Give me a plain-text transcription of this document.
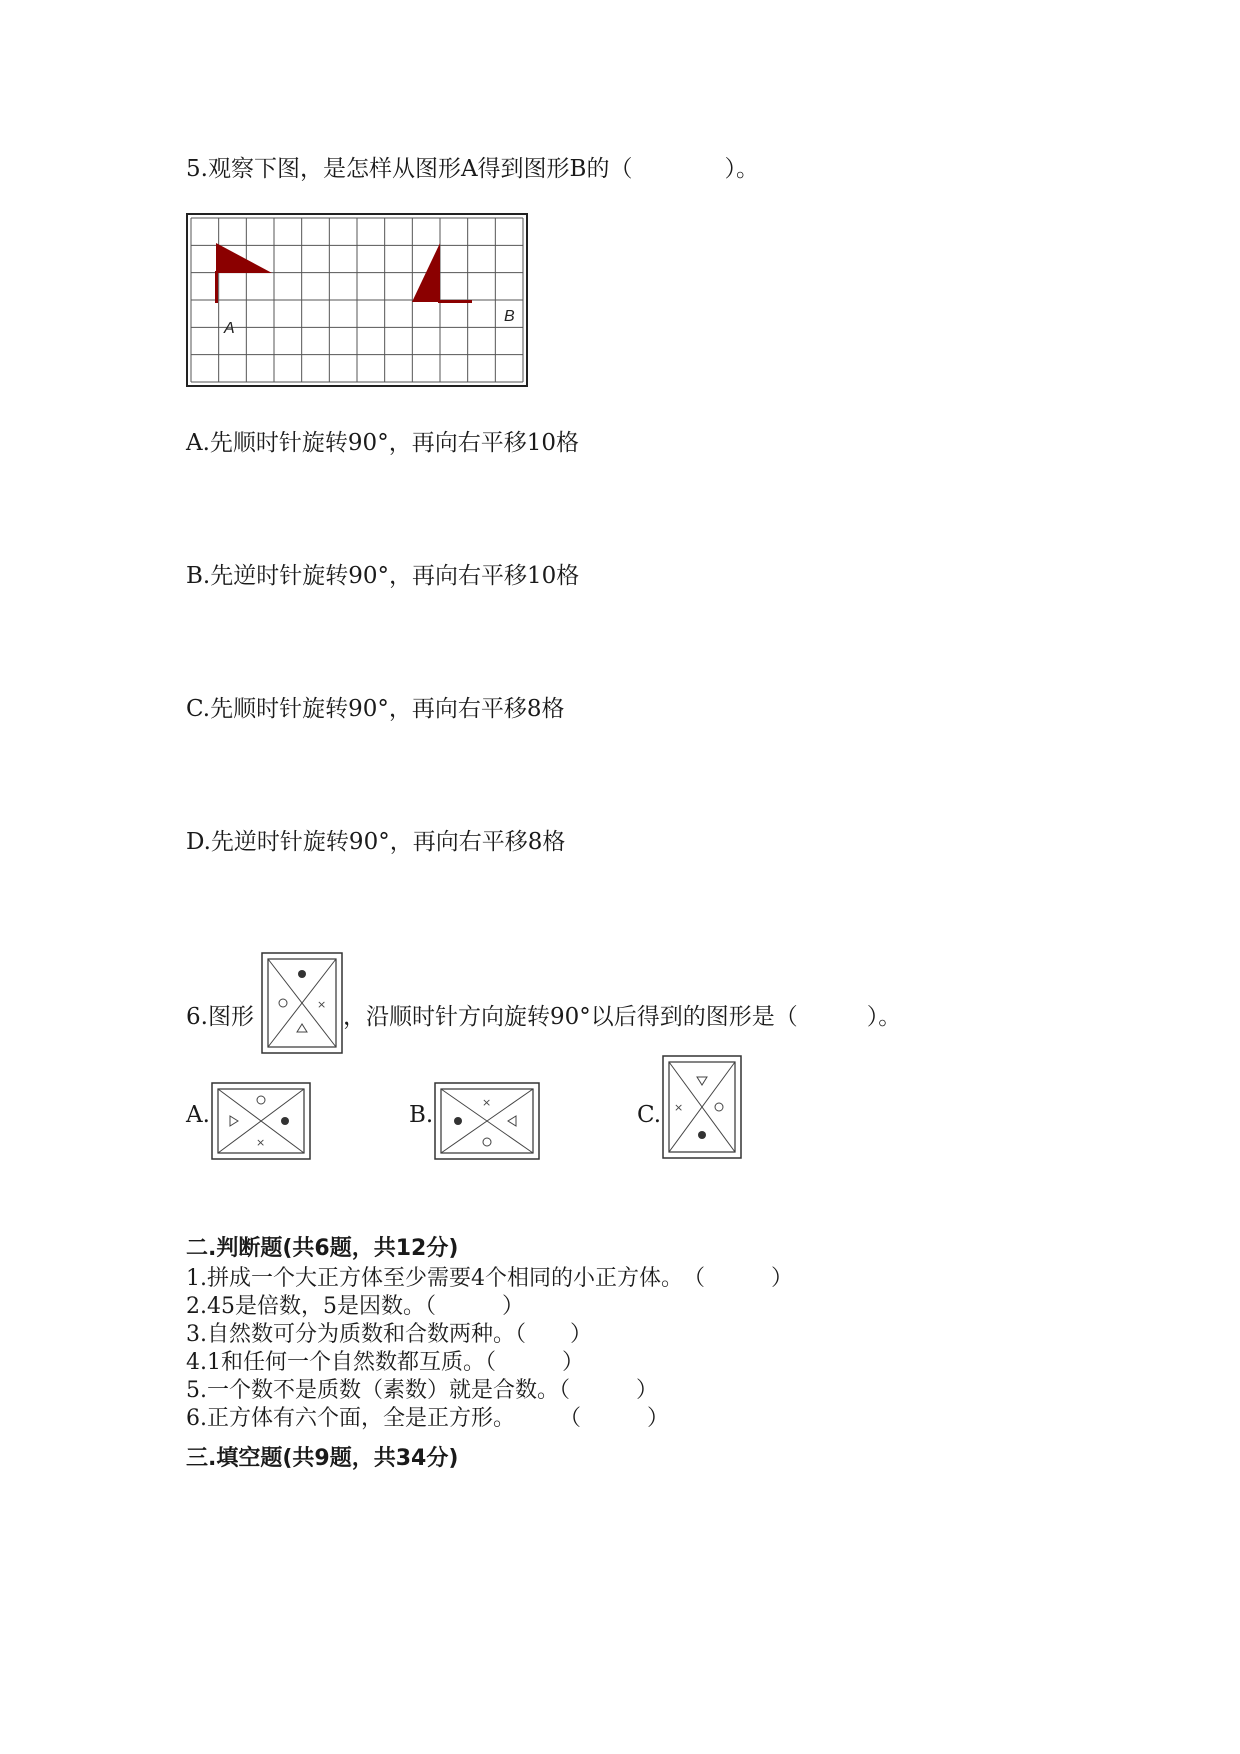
5.观察下图，是怎样从图形A得到图形B的（　　　　）。
A
B
A.先顺时针旋转90°，再向右平移10格
B.先逆时针旋转90°，再向右平移10格
C.先顺时针旋转90°，再向右平移8格
D.先逆时针旋转90°，再向右平移8格
6.图形	× ，沿顺时针方向旋转90°以后得到的图形是（　　　）。
A.
×
B.	×	C. ×
二.判断题(共6题，共12分)
1.拼成一个大正方体至少需要4个相同的小正方体。　（　　　）
2.45是倍数，5是因数。（　　　）
3.自然数可分为质数和合数两种。（　　）
4.1和任何一个自然数都互质。（　　　）
5.一个数不是质数（素数）就是合数。（　　　）
6.正方体有六个面，全是正方形。　　　（　　　）
三.填空题(共9题，共34分)
